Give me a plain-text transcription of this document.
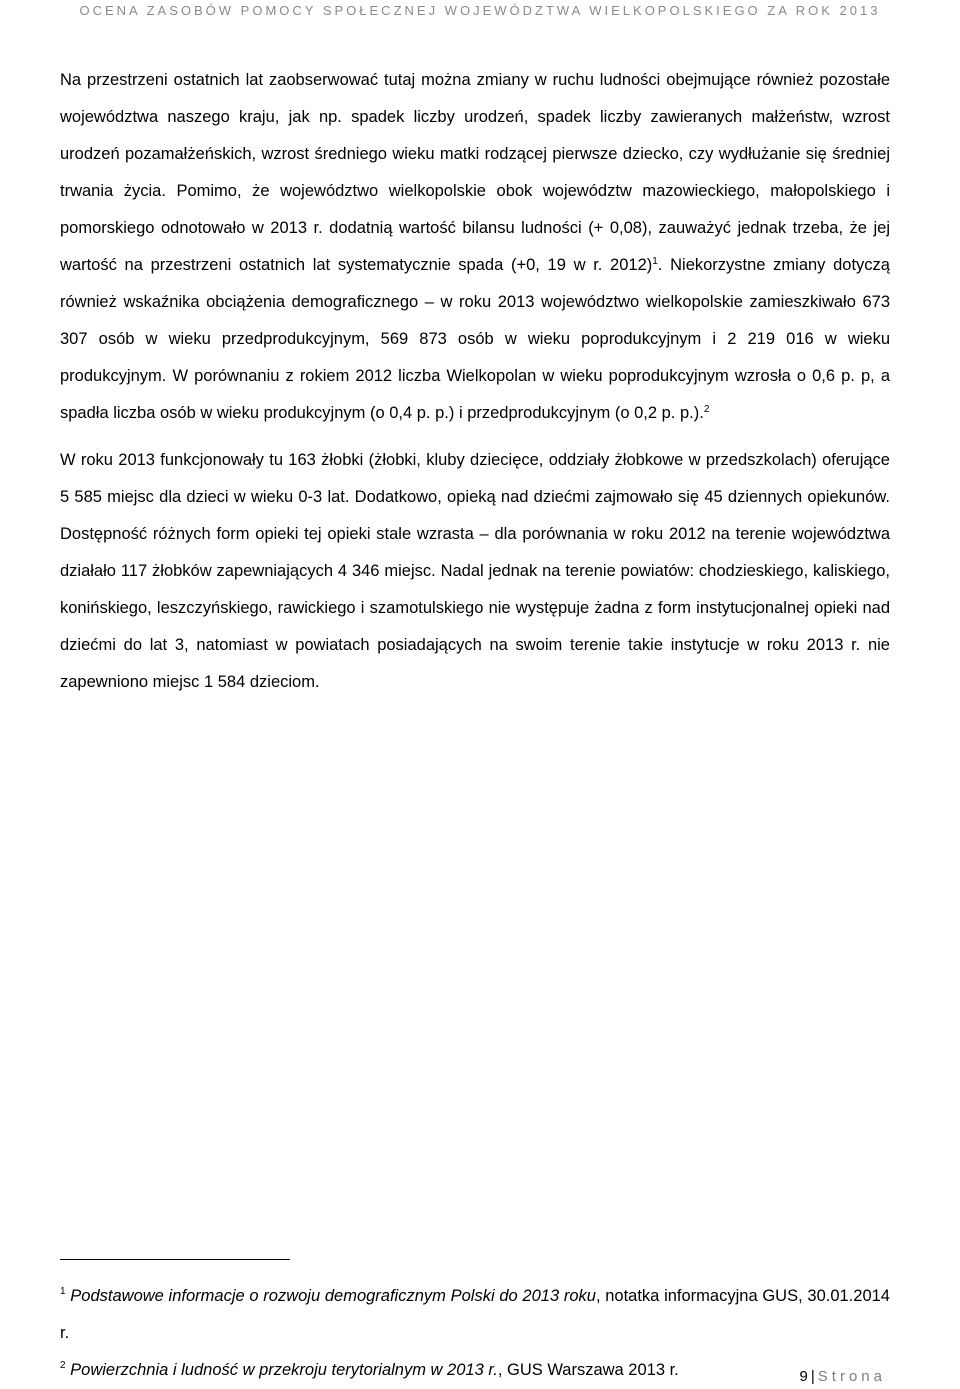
OCENA ZASOBÓW POMOCY SPOŁECZNEJ WOJEWÓDZTWA WIELKOPOLSKIEGO ZA ROK 2013

Na przestrzeni ostatnich lat zaobserwować tutaj można zmiany w ruchu ludności obejmujące również pozostałe województwa naszego kraju, jak np. spadek liczby urodzeń, spadek liczby zawieranych małżeństw, wzrost urodzeń pozamałżeńskich, wzrost średniego wieku matki rodzącej pierwsze dziecko, czy wydłużanie się średniej trwania życia. Pomimo, że województwo wielkopolskie obok województw mazowieckiego, małopolskiego i pomorskiego odnotowało w 2013 r. dodatnią wartość bilansu ludności (+ 0,08), zauważyć jednak trzeba, że jej wartość na przestrzeni ostatnich lat systematycznie spada (+0, 19 w r. 2012)$^1$. Niekorzystne zmiany dotyczą również wskaźnika obciążenia demograficznego – w roku 2013 województwo wielkopolskie zamieszkiwało 673 307 osób w wieku przedprodukcyjnym, 569 873 osób w wieku poprodukcyjnym i 2 219 016 w wieku produkcyjnym. W porównaniu z rokiem 2012 liczba Wielkopolan w wieku poprodukcyjnym wzrosła o 0,6 p. p, a spadła liczba osób w wieku produkcyjnym (o 0,4 p. p.) i przedprodukcyjnym (o 0,2 p. p.).$^2$

W roku 2013 funkcjonowały tu 163 żłobki (żłobki, kluby dziecięce, oddziały żłobkowe w przedszkolach) oferujące 5 585 miejsc dla dzieci w wieku 0-3 lat. Dodatkowo, opieką nad dziećmi zajmowało się 45 dziennych opiekunów. Dostępność różnych form opieki tej opieki stale wzrasta – dla porównania w roku 2012 na terenie województwa działało 117 żłobków zapewniających 4 346 miejsc. Nadal jednak na terenie powiatów: chodzieskiego, kaliskiego, konińskiego, leszczyńskiego, rawickiego i szamotulskiego nie występuje żadna z form instytucjonalnej opieki nad dziećmi do lat 3, natomiast w powiatach posiadających na swoim terenie takie instytucje w roku 2013 r. nie zapewniono miejsc 1 584 dzieciom.

$^1$ Podstawowe informacje o rozwoju demograficznym Polski do 2013 roku, notatka informacyjna GUS, 30.01.2014 r.

$^2$ Powierzchnia i ludność w przekroju terytorialnym w 2013 r., GUS Warszawa 2013 r.	9 | Strona
